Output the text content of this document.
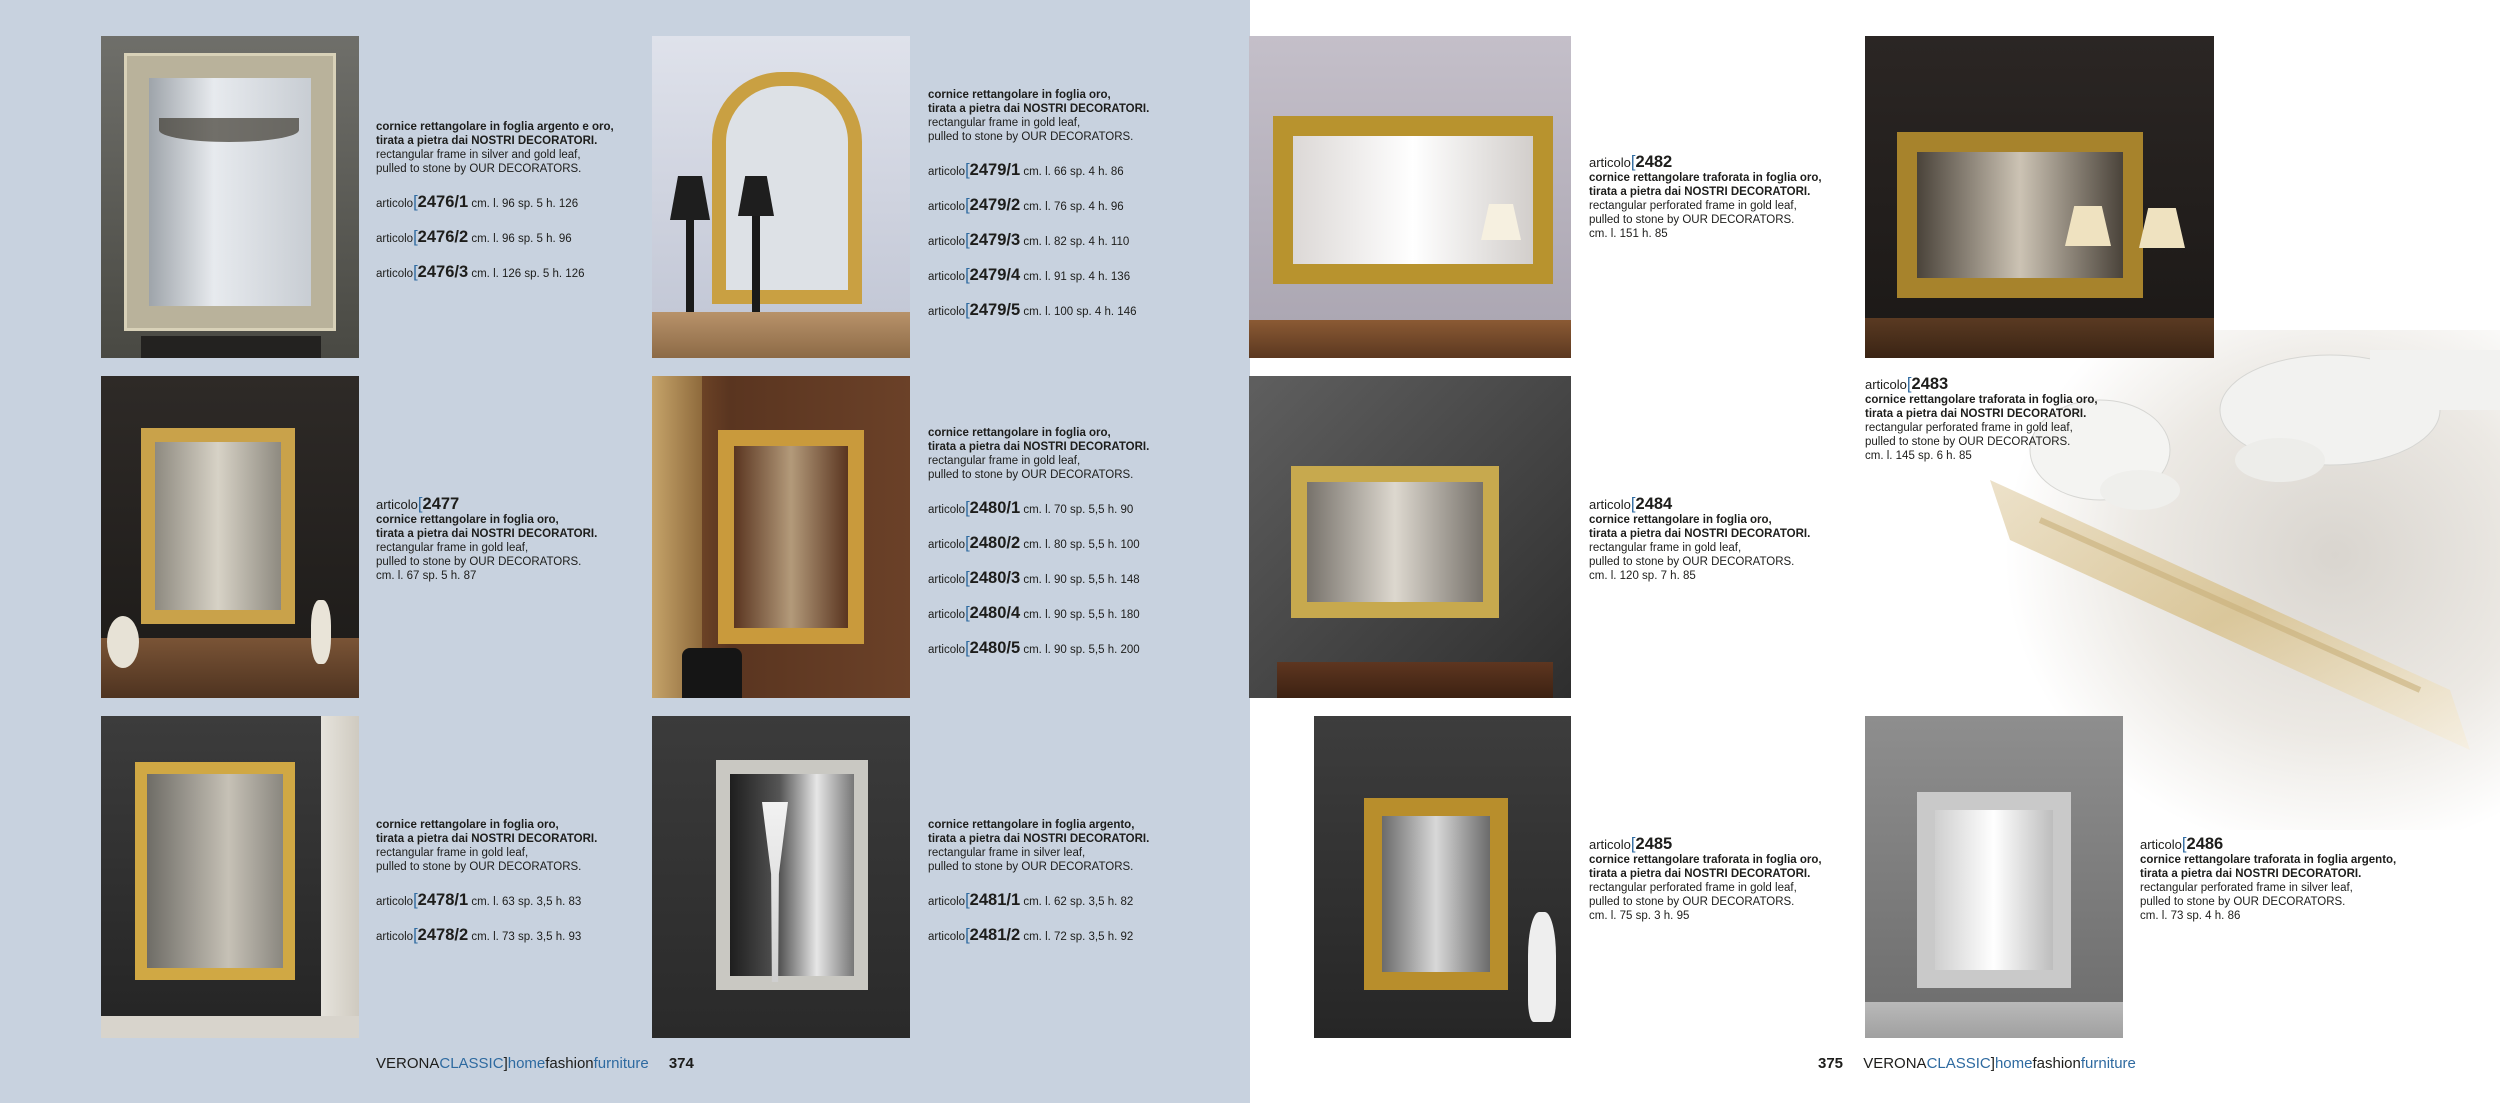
cornice rettangolare in foglia argento e oro,
tirata a pietra dai NOSTRI DECORATORI.
rectangular frame in silver and gold leaf,
pulled to stone by OUR DECORATORS.
articolo[2476/1 cm. l. 96 sp. 5 h. 126
articolo[2476/2 cm. l. 96 sp. 5 h. 96
articolo[2476/3 cm. l. 126 sp. 5 h. 126
cornice rettangolare in foglia oro,
tirata a pietra dai NOSTRI DECORATORI.
rectangular frame in gold leaf,
pulled to stone by OUR DECORATORS.
articolo[2479/1 cm. l. 66 sp. 4 h. 86
articolo[2479/2 cm. l. 76 sp. 4 h. 96
articolo[2479/3 cm. l. 82 sp. 4 h. 110
articolo[2479/4 cm. l. 91 sp. 4 h. 136
articolo[2479/5 cm. l. 100 sp. 4 h. 146
articolo[2477
cornice rettangolare in foglia oro,
tirata a pietra dai NOSTRI DECORATORI.
rectangular frame in gold leaf,
pulled to stone by OUR DECORATORS.
cm. l. 67 sp. 5 h. 87
cornice rettangolare in foglia oro,
tirata a pietra dai NOSTRI DECORATORI.
rectangular frame in gold leaf,
pulled to stone by OUR DECORATORS.
articolo[2480/1 cm. l. 70 sp. 5,5 h. 90
articolo[2480/2 cm. l. 80 sp. 5,5 h. 100
articolo[2480/3 cm. l. 90 sp. 5,5 h. 148
articolo[2480/4 cm. l. 90 sp. 5,5 h. 180
articolo[2480/5 cm. l. 90 sp. 5,5 h. 200
cornice rettangolare in foglia oro,
tirata a pietra dai NOSTRI DECORATORI.
rectangular frame in gold leaf,
pulled to stone by OUR DECORATORS.
articolo[2478/1 cm. l. 63 sp. 3,5 h. 83
articolo[2478/2 cm. l. 73 sp. 3,5 h. 93
cornice rettangolare in foglia argento,
tirata a pietra dai NOSTRI DECORATORI.
rectangular frame in silver leaf,
pulled to stone by OUR DECORATORS.
articolo[2481/1 cm. l. 62 sp. 3,5 h. 82
articolo[2481/2 cm. l. 72 sp. 3,5 h. 92
articolo[2482
cornice rettangolare traforata in foglia oro,
tirata a pietra dai NOSTRI DECORATORI.
rectangular perforated frame in gold leaf,
pulled to stone by OUR DECORATORS.
cm. l. 151 h. 85
articolo[2483
cornice rettangolare traforata in foglia oro,
tirata a pietra dai NOSTRI DECORATORI.
rectangular perforated frame in gold leaf,
pulled to stone by OUR DECORATORS.
cm. l. 145 sp. 6 h. 85
articolo[2484
cornice rettangolare in foglia oro,
tirata a pietra dai NOSTRI DECORATORI.
rectangular frame in gold leaf,
pulled to stone by OUR DECORATORS.
cm. l. 120 sp. 7 h. 85
articolo[2485
cornice rettangolare traforata in foglia oro,
tirata a pietra dai NOSTRI DECORATORI.
rectangular perforated frame in gold leaf,
pulled to stone by OUR DECORATORS.
cm. l. 75 sp. 3 h. 95
articolo[2486
cornice rettangolare traforata in foglia argento,
tirata a pietra dai NOSTRI DECORATORI.
rectangular perforated frame in silver leaf,
pulled to stone by OUR DECORATORS.
cm. l. 73 sp. 4 h. 86
VERONACLASSIC]homefashionfurniture 374	375 VERONACLASSIC]homefashionfurniture
